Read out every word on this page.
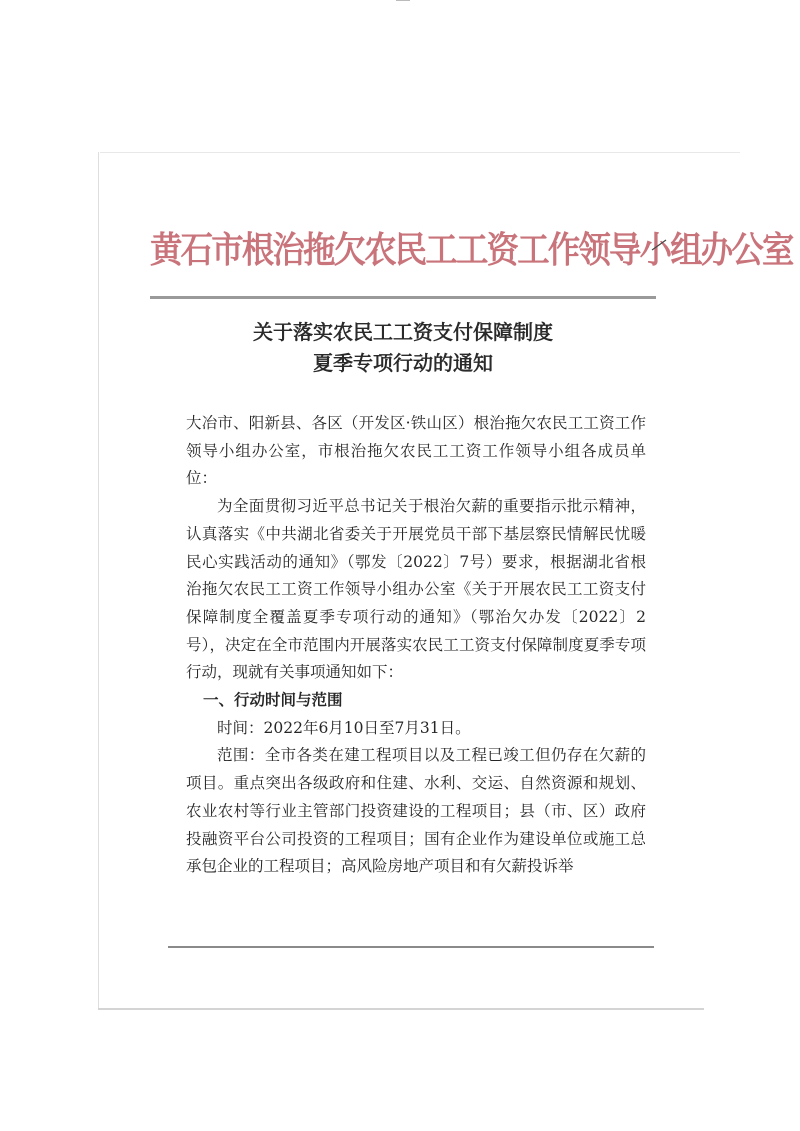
黄石市根治拖欠农民工工资工作领导小组办公室
关于落实农民工工资支付保障制度
夏季专项行动的通知

大冶市、阳新县、各区（开发区·铁山区）根治拖欠农民工工资工作领导小组办公室，市根治拖欠农民工工资工作领导小组各成员单位：

为全面贯彻习近平总书记关于根治欠薪的重要指示批示精神，认真落实《中共湖北省委关于开展党员干部下基层察民情解民忧暖民心实践活动的通知》（鄂发〔2022〕7号）要求，根据湖北省根治拖欠农民工工资工作领导小组办公室《关于开展农民工工资支付保障制度全覆盖夏季专项行动的通知》（鄂治欠办发〔2022〕2号），决定在全市范围内开展落实农民工工资支付保障制度夏季专项行动，现就有关事项通知如下：

一、行动时间与范围

时间：2022年6月10日至7月31日。

范围：全市各类在建工程项目以及工程已竣工但仍存在欠薪的项目。重点突出各级政府和住建、水利、交运、自然资源和规划、农业农村等行业主管部门投资建设的工程项目；县（市、区）政府投融资平台公司投资的工程项目；国有企业作为建设单位或施工总承包企业的工程项目；高风险房地产项目和有欠薪投诉举
